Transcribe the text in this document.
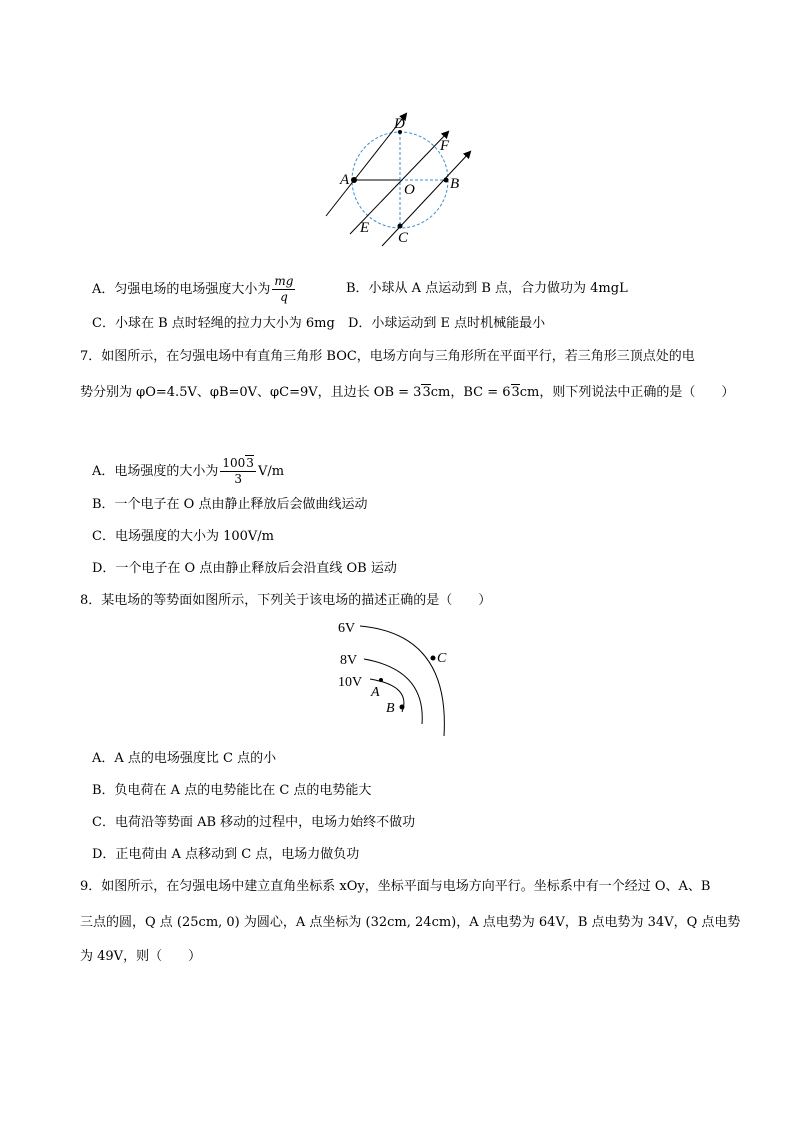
D
F
A
O B
E
C
A．匀强电场的电场强度大小为 $\frac{mg}{q}$	B．小球从 A 点运动到 B 点，合力做功为 4mgL
C．小球在 B 点时轻绳的拉力大小为 6mg D．小球运动到 E 点时机械能最小
7．如图所示，在匀强电场中有直角三角形 BOC，电场方向与三角形所在平面平行，若三角形三顶点处的电
势分别为 φO=4.5V、φB=0V、φC=9V，且边长 OB = 33cm，BC = 63cm，则下列说法中正确的是（　　）
A．电场强度的大小为 $\frac{1003}{3} V/m$
B．一个电子在 O 点由静止释放后会做曲线运动
C．电场强度的大小为 100V/m
D．一个电子在 O 点由静止释放后会沿直线 OB 运动
8．某电场的等势面如图所示，下列关于该电场的描述正确的是（　　）
6V
8V
10V
A
B
C
A．A 点的电场强度比 C 点的小
B．负电荷在 A 点的电势能比在 C 点的电势能大
C．电荷沿等势面 AB 移动的过程中，电场力始终不做功
D．正电荷由 A 点移动到 C 点，电场力做负功
9．如图所示，在匀强电场中建立直角坐标系 xOy，坐标平面与电场方向平行。坐标系中有一个经过 O、A、B
三点的圆，Q 点 (25cm, 0) 为圆心，A 点坐标为 (32cm, 24cm)，A 点电势为 64V，B 点电势为 34V，Q 点电势
为 49V，则（　　）
